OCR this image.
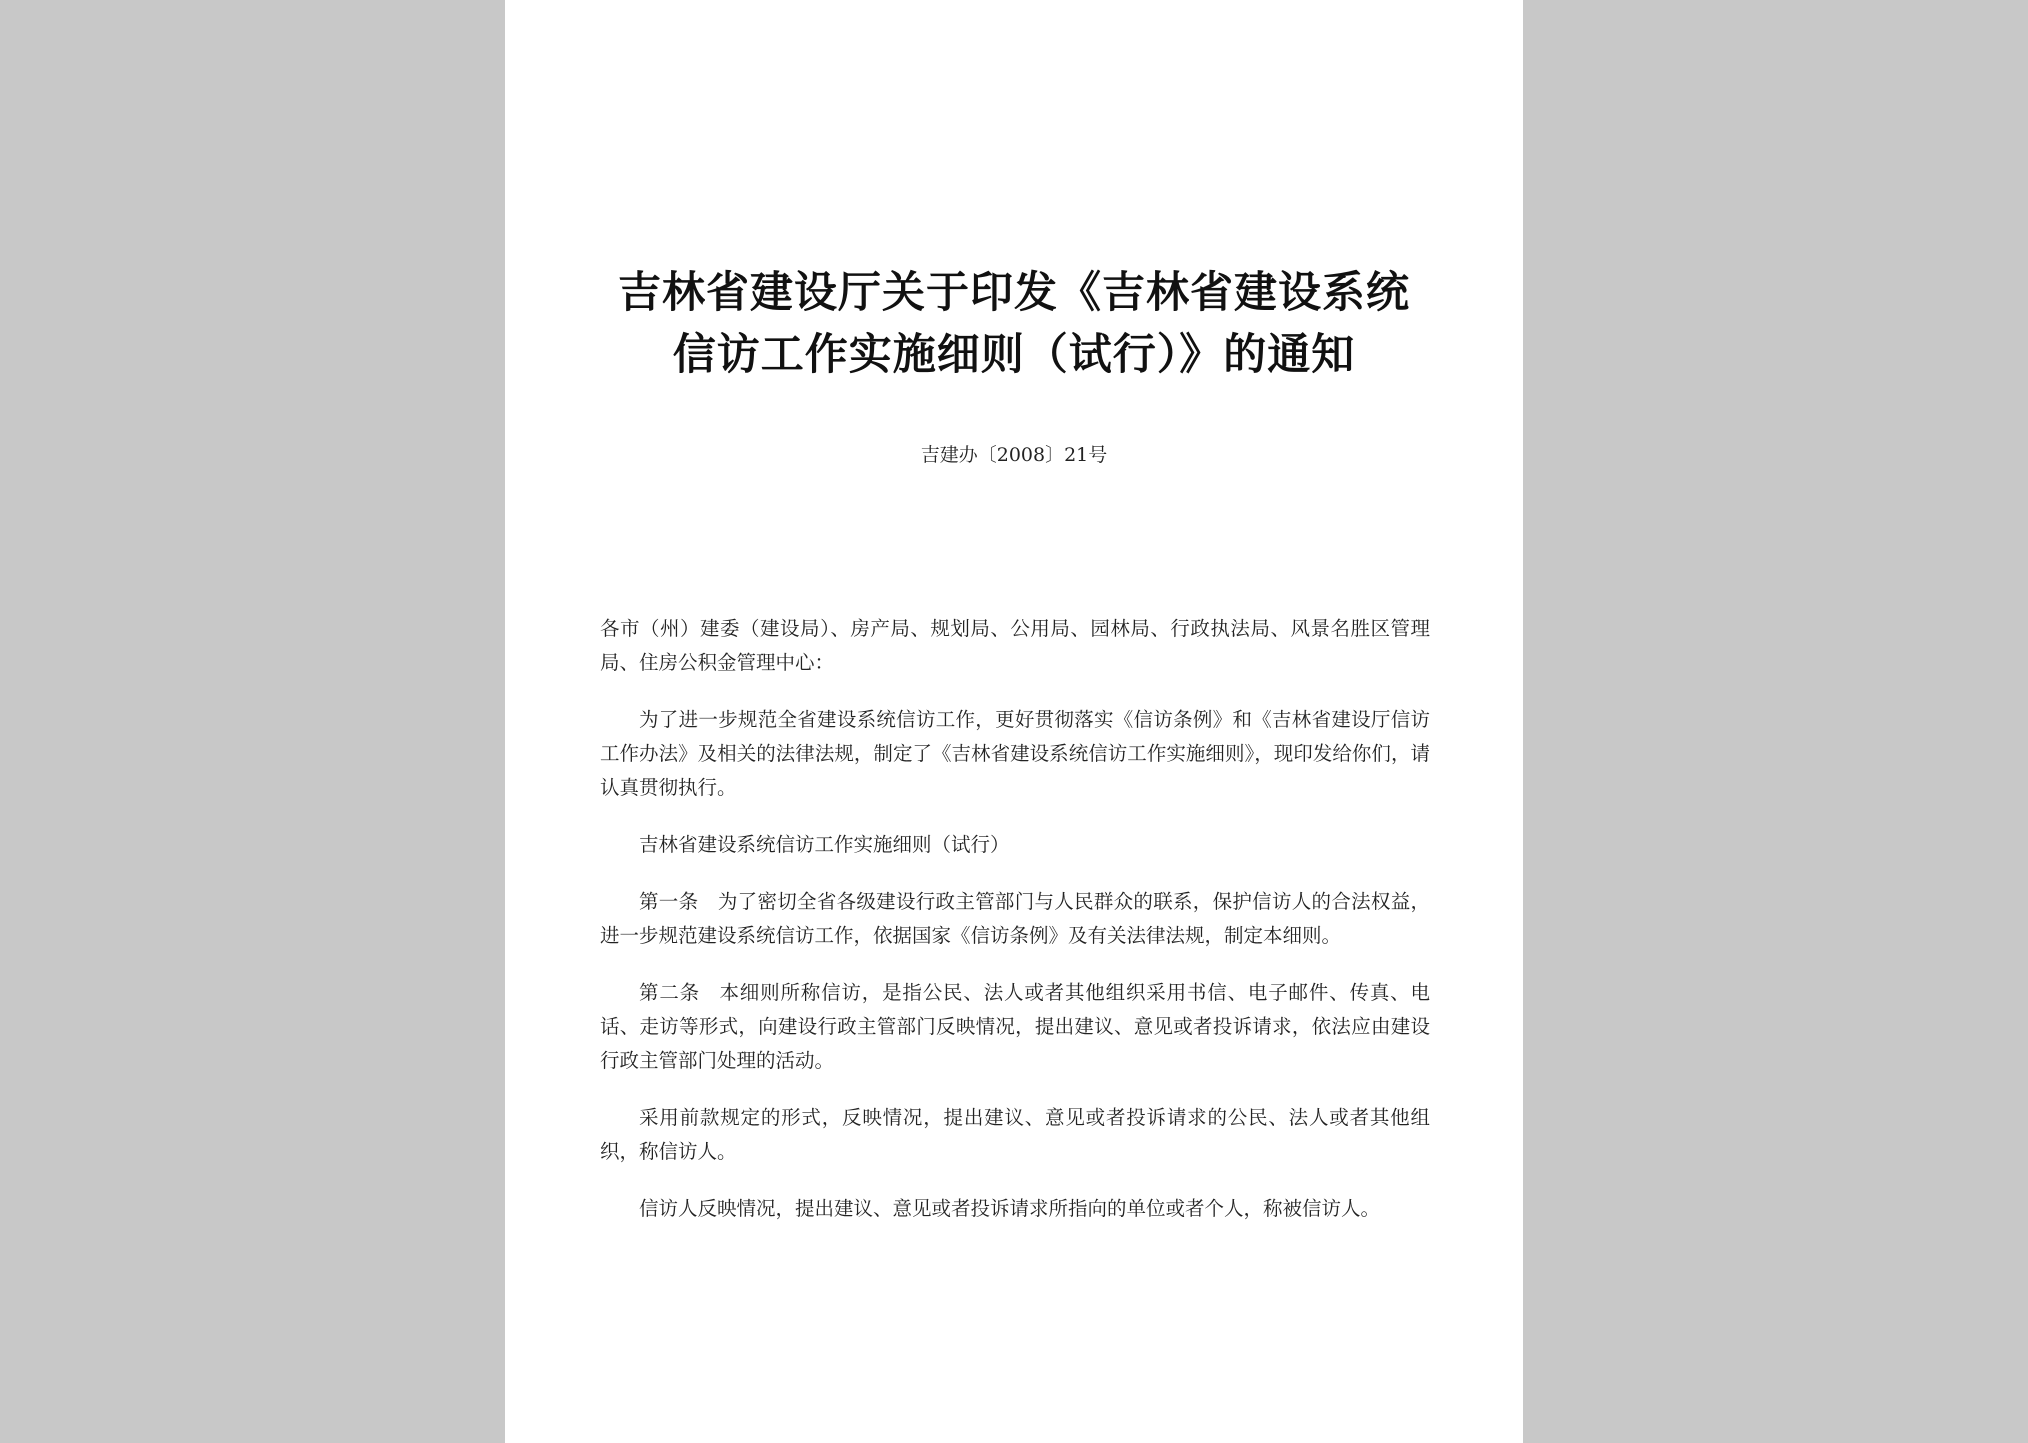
吉林省建设厅关于印发《吉林省建设系统
信访工作实施细则（试行）》的通知
吉建办〔2008〕21号

各市（州）建委（建设局）、房产局、规划局、公用局、园林局、行政执法局、风景名胜区管理局、住房公积金管理中心：

为了进一步规范全省建设系统信访工作，更好贯彻落实《信访条例》和《吉林省建设厅信访工作办法》及相关的法律法规，制定了《吉林省建设系统信访工作实施细则》，现印发给你们，请认真贯彻执行。

吉林省建设系统信访工作实施细则（试行）

第一条 为了密切全省各级建设行政主管部门与人民群众的联系，保护信访人的合法权益，进一步规范建设系统信访工作，依据国家《信访条例》及有关法律法规，制定本细则。

第二条 本细则所称信访，是指公民、法人或者其他组织采用书信、电子邮件、传真、电话、走访等形式，向建设行政主管部门反映情况，提出建议、意见或者投诉请求，依法应由建设行政主管部门处理的活动。

采用前款规定的形式，反映情况，提出建议、意见或者投诉请求的公民、法人或者其他组织，称信访人。

信访人反映情况，提出建议、意见或者投诉请求所指向的单位或者个人，称被信访人。
